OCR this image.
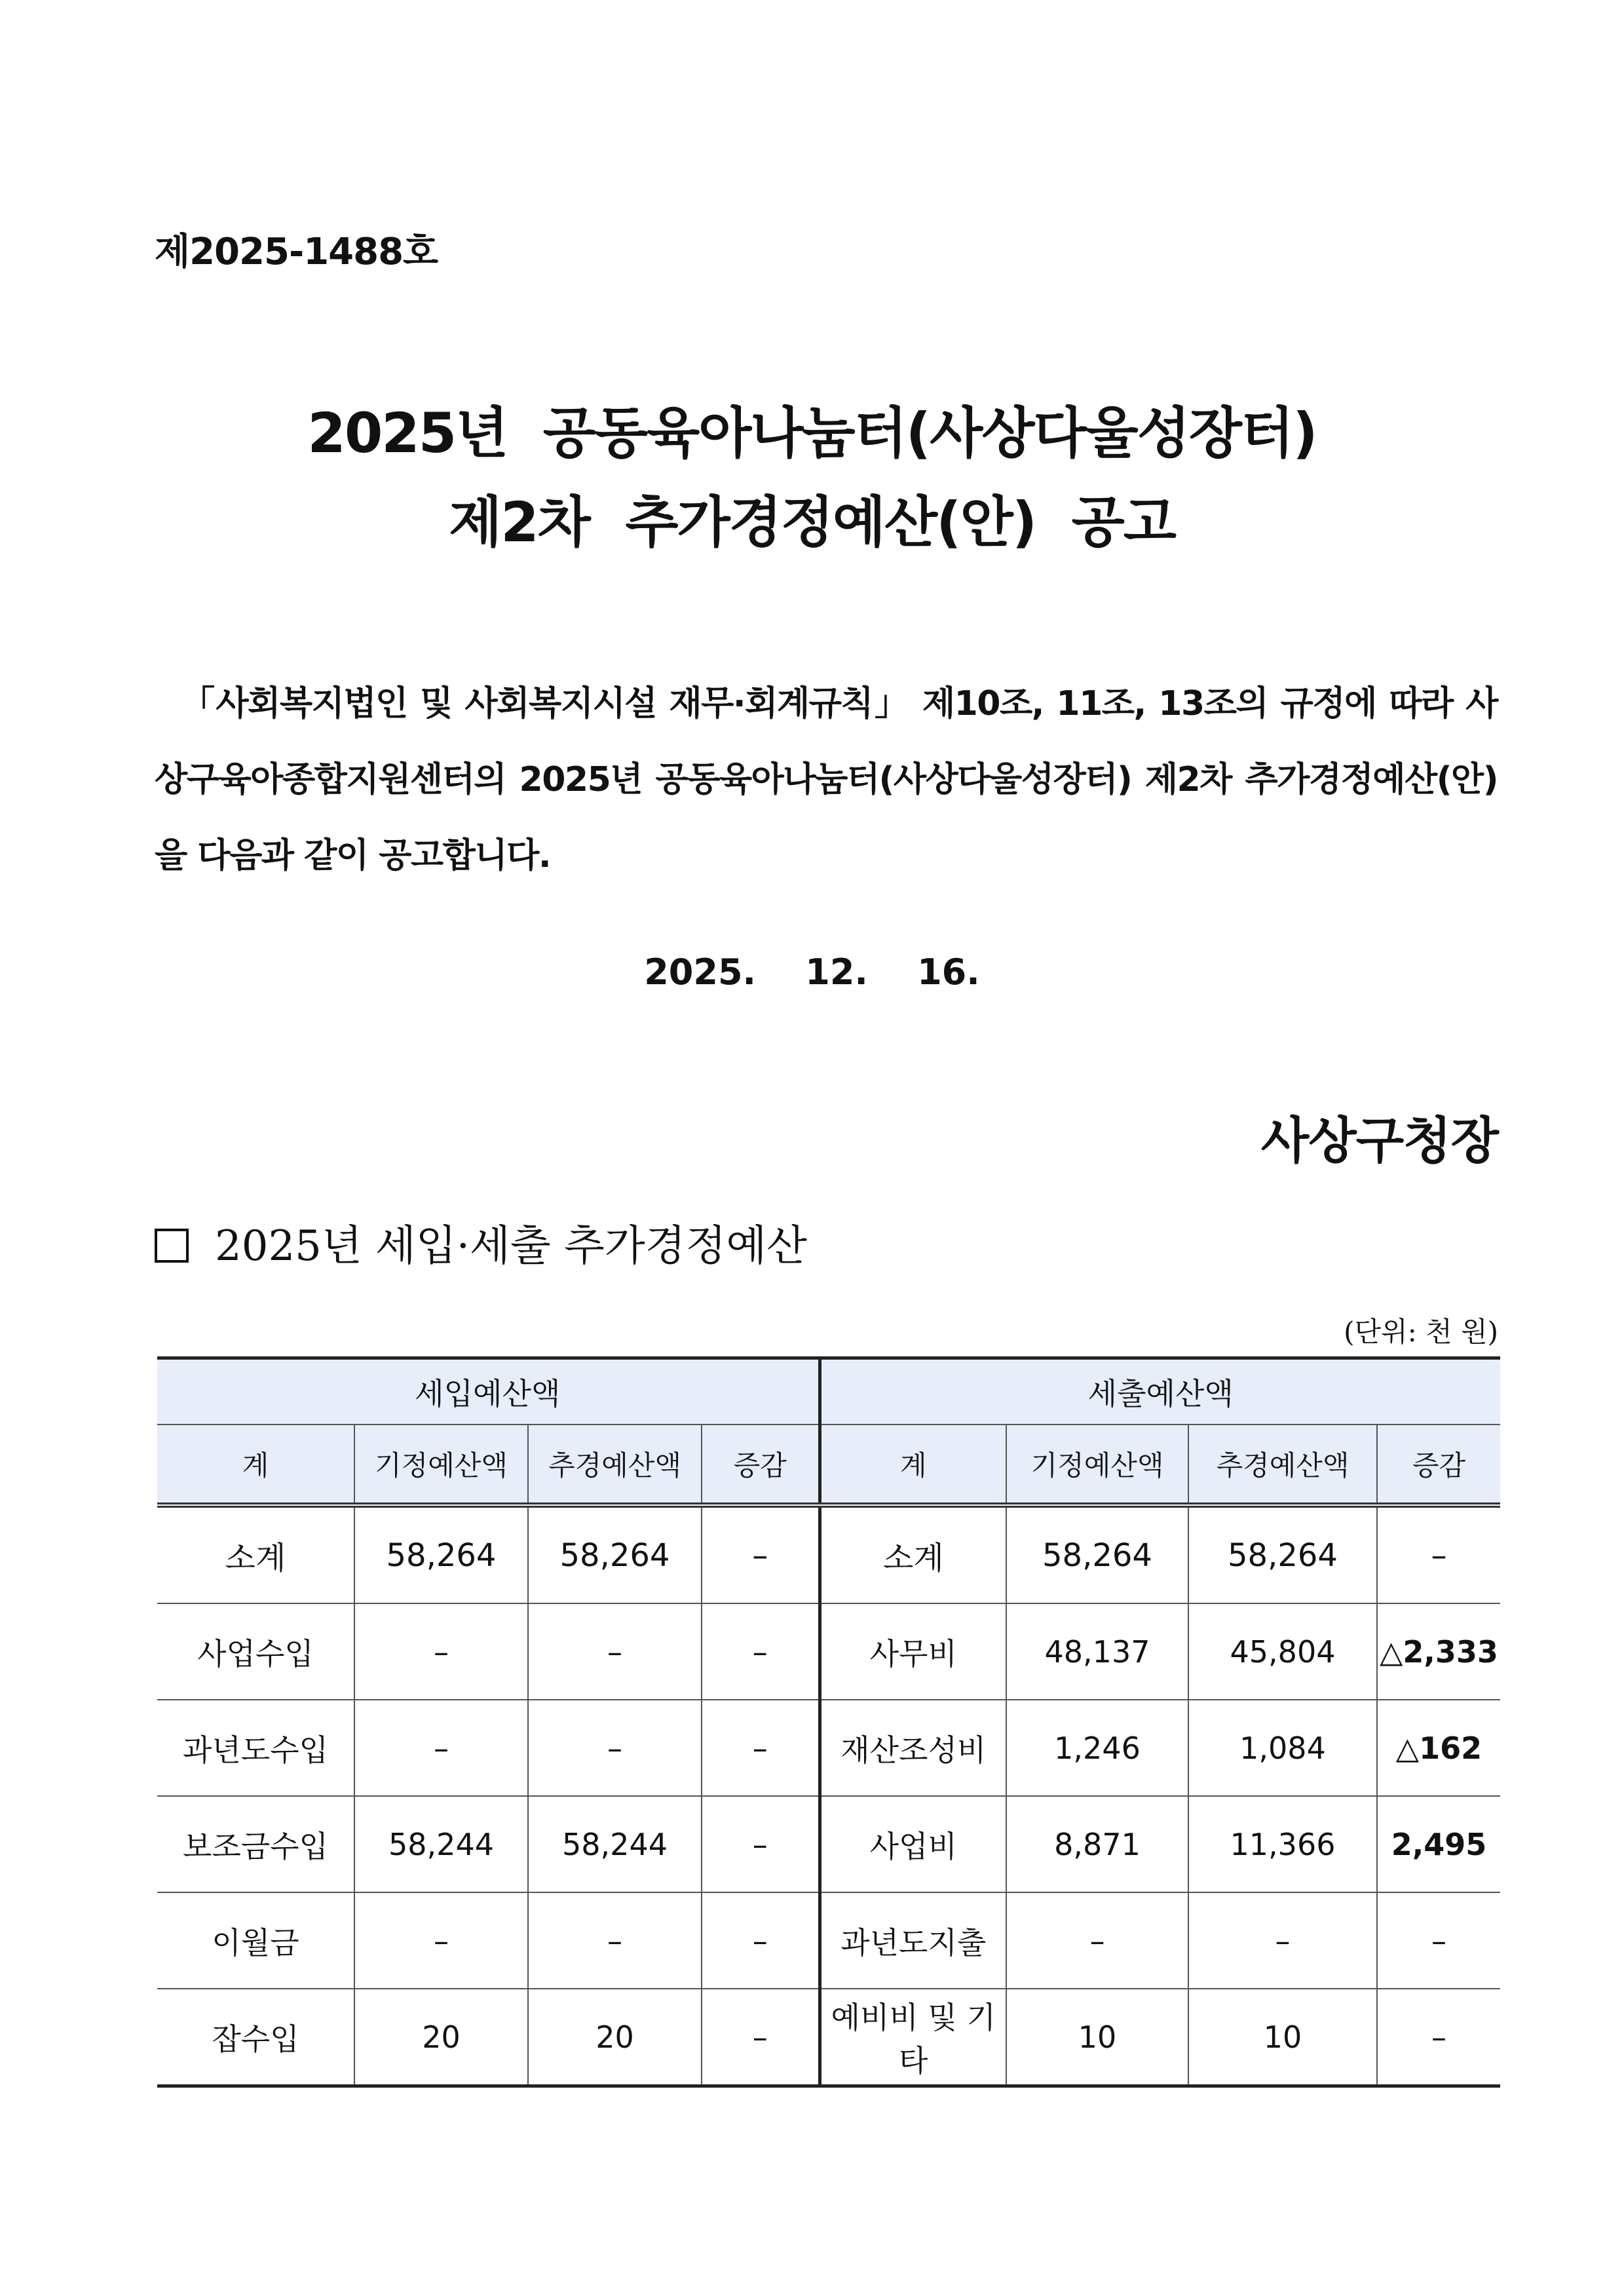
제2025-1488호
2025년  공동육아나눔터(사상다울성장터)
제2차  추가경정예산(안)  공고
「사회복지법인 및 사회복지시설 재무·회계규칙」 제10조, 11조, 13조의 규정에 따라 사상구육아종합지원센터의 2025년 공동육아나눔터(사상다울성장터) 제2차 추가경정예산(안)을 다음과 같이 공고합니다.
2025.    12.    16.
사상구청장
2025년 세입·세출 추가경정예산
(단위: 천 원)
세입예산액				세출예산액			
계	기정예산액	추경예산액	증감	계	기정예산액	추경예산액	증감
소계	58,264	58,264	–	소계	58,264	58,264	–
사업수입	–	–	–	사무비	48,137	45,804	△2,333
과년도수입	–	–	–	재산조성비	1,246	1,084	△162
보조금수입	58,244	58,244	–	사업비	8,871	11,366	2,495
이월금	–	–	–	과년도지출	–	–	–
잡수입	20	20	–	예비비 및 기타	10	10	–
